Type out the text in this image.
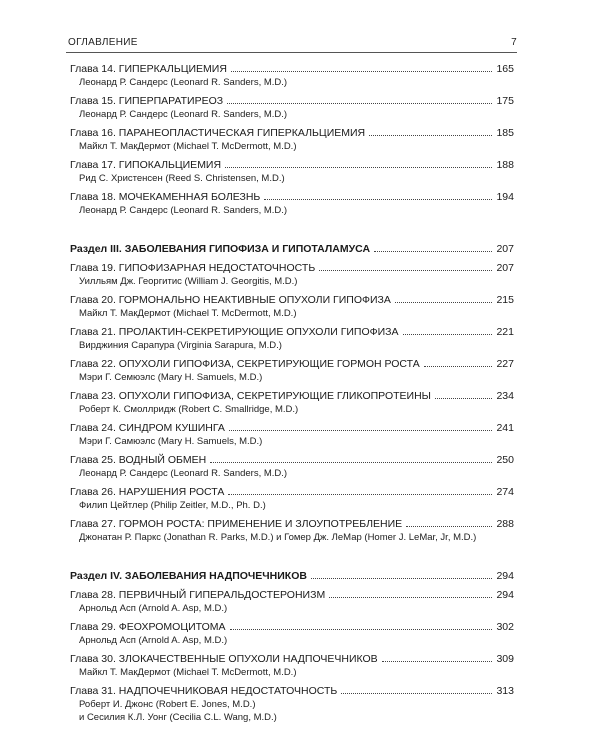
ОГЛАВЛЕНИЕ	7
Глава 14. ГИПЕРКАЛЬЦИЕМИЯ	165
Леонард Р. Сандерс (Leonard R. Sanders, M.D.)
Глава 15. ГИПЕРПАРАТИРЕОЗ	175
Леонард Р. Сандерс (Leonard R. Sanders, M.D.)
Глава 16. ПАРАНЕОПЛАСТИЧЕСКАЯ ГИПЕРКАЛЬЦИЕМИЯ	185
Майкл Т. МакДермот (Michael T. McDermott, M.D.)
Глава 17. ГИПОКАЛЬЦИЕМИЯ	188
Рид С. Христенсен (Reed S. Christensen, M.D.)
Глава 18. МОЧЕКАМЕННАЯ БОЛЕЗНЬ	194
Леонард Р. Сандерс (Leonard R. Sanders, M.D.)
Раздел III. ЗАБОЛЕВАНИЯ ГИПОФИЗА И ГИПОТАЛАМУСА	207
Глава 19. ГИПОФИЗАРНАЯ НЕДОСТАТОЧНОСТЬ	207
Уилльям Дж. Георгитис (William J. Georgitis, M.D.)
Глава 20. ГОРМОНАЛЬНО НЕАКТИВНЫЕ ОПУХОЛИ ГИПОФИЗА	215
Майкл Т. МакДермот (Michael T. McDermott, M.D.)
Глава 21. ПРОЛАКТИН-СЕКРЕТИРУЮЩИЕ ОПУХОЛИ ГИПОФИЗА	221
Вирджиния Сарапура (Virginia Sarapura, M.D.)
Глава 22. ОПУХОЛИ ГИПОФИЗА, СЕКРЕТИРУЮЩИЕ ГОРМОН РОСТА	227
Мэри Г. Семюэлс (Mary H. Samuels, M.D.)
Глава 23. ОПУХОЛИ ГИПОФИЗА, СЕКРЕТИРУЮЩИЕ ГЛИКОПРОТЕИНЫ	234
Роберт К. Смоллридж (Robert C. Smallridge, M.D.)
Глава 24. СИНДРОМ КУШИНГА	241
Мэри Г. Самюэлс (Mary H. Samuels, M.D.)
Глава 25. ВОДНЫЙ ОБМЕН	250
Леонард Р. Сандерс (Leonard R. Sanders, M.D.)
Глава 26. НАРУШЕНИЯ РОСТА	274
Филип Цейтлер (Philip Zeitler, M.D., Ph. D.)
Глава 27. ГОРМОН РОСТА: ПРИМЕНЕНИЕ И ЗЛОУПОТРЕБЛЕНИЕ	288
Джонатан Р. Паркс (Jonathan R. Parks, M.D.) и Гомер Дж. ЛеМар (Homer J. LeMar, Jr, M.D.)
Раздел IV. ЗАБОЛЕВАНИЯ НАДПОЧЕЧНИКОВ	294
Глава 28. ПЕРВИЧНЫЙ ГИПЕРАЛЬДОСТЕРОНИЗМ	294
Арнольд Асп (Arnold A. Asp, M.D.)
Глава 29. ФЕОХРОМОЦИТОМА	302
Арнольд Асп (Arnold A. Asp, M.D.)
Глава 30. ЗЛОКАЧЕСТВЕННЫЕ ОПУХОЛИ НАДПОЧЕЧНИКОВ	309
Майкл Т. МакДермот (Michael T. McDermott, M.D.)
Глава 31. НАДПОЧЕЧНИКОВАЯ НЕДОСТАТОЧНОСТЬ	313
Роберт И. Джонс (Robert E. Jones, M.D.)
и Сесилия К.Л. Уонг (Cecilia C.L. Wang, M.D.)
